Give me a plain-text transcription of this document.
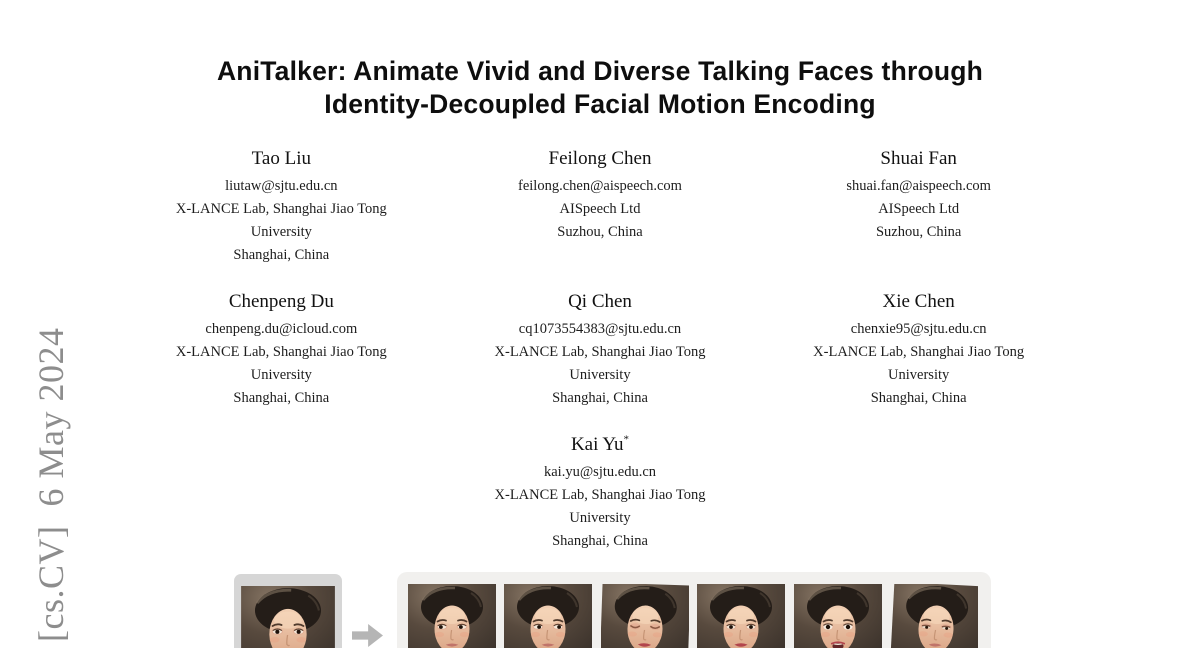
[cs.CV]  6 May 2024
AniTalker: Animate Vivid and Diverse Talking Faces through
Identity-Decoupled Facial Motion Encoding
Tao Liu
liutaw@sjtu.edu.cn
X-LANCE Lab, Shanghai Jiao Tong
University
Shanghai, China
Feilong Chen
feilong.chen@aispeech.com
AISpeech Ltd
Suzhou, China
Shuai Fan
shuai.fan@aispeech.com
AISpeech Ltd
Suzhou, China
Chenpeng Du
chenpeng.du@icloud.com
X-LANCE Lab, Shanghai Jiao Tong
University
Shanghai, China
Qi Chen
cq1073554383@sjtu.edu.cn
X-LANCE Lab, Shanghai Jiao Tong
University
Shanghai, China
Xie Chen
chenxie95@sjtu.edu.cn
X-LANCE Lab, Shanghai Jiao Tong
University
Shanghai, China
Kai Yu*
kai.yu@sjtu.edu.cn
X-LANCE Lab, Shanghai Jiao Tong
University
Shanghai, China
